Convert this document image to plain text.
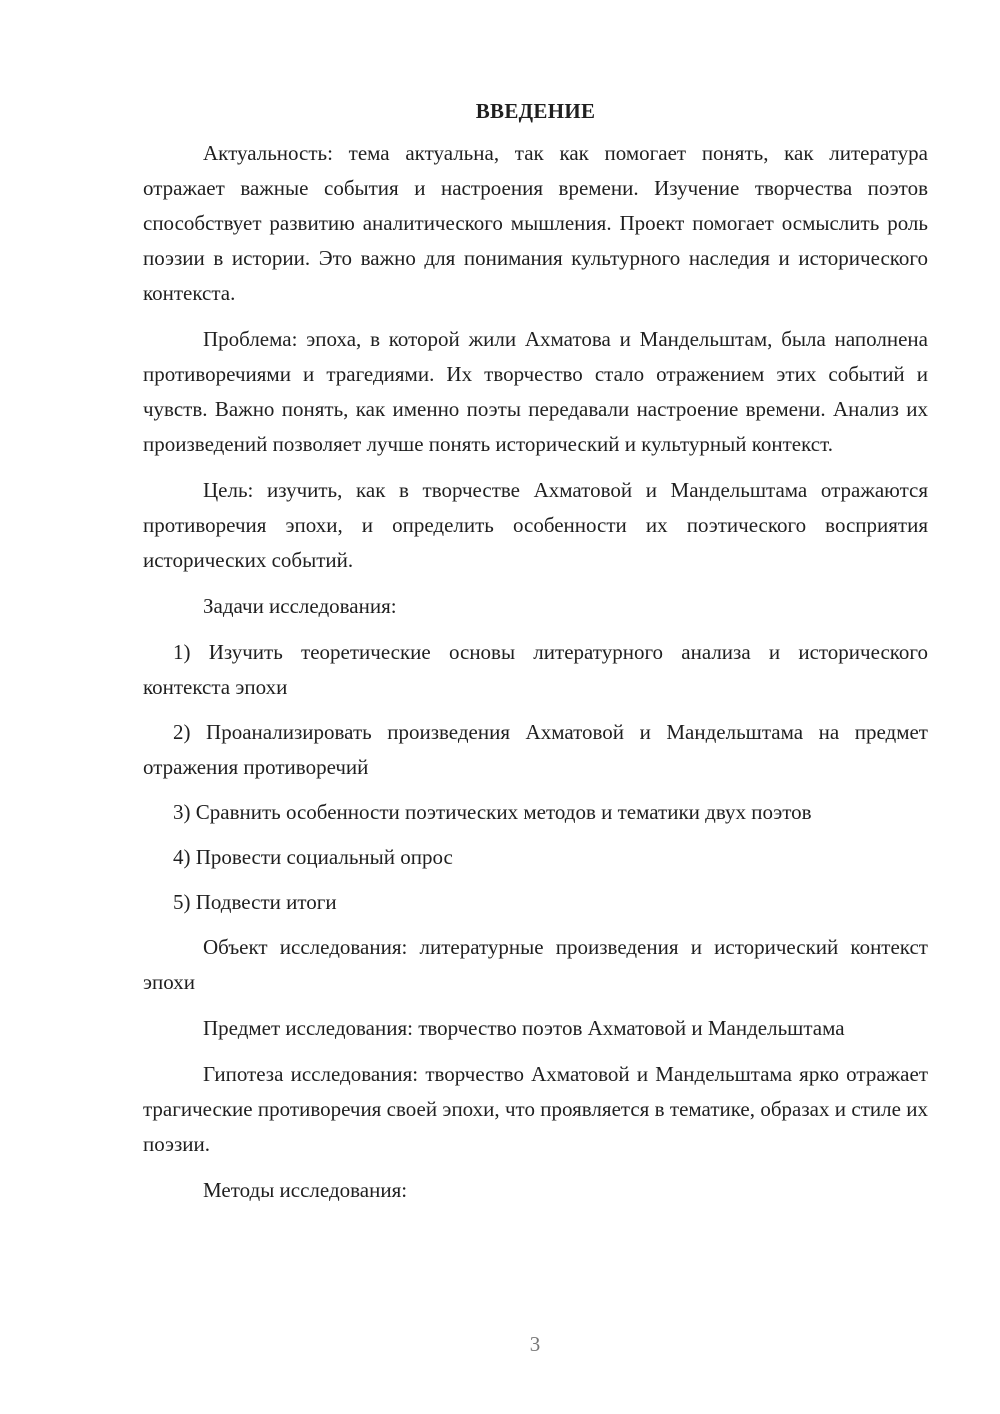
ВВЕДЕНИЕ

Актуальность: тема актуальна, так как помогает понять, как литература отражает важные события и настроения времени. Изучение творчества поэтов способствует развитию аналитического мышления. Проект помогает осмыслить роль поэзии в истории. Это важно для понимания культурного наследия и исторического контекста.

Проблема: эпоха, в которой жили Ахматова и Мандельштам, была наполнена противоречиями и трагедиями. Их творчество стало отражением этих событий и чувств. Важно понять, как именно поэты передавали настроение времени. Анализ их произведений позволяет лучше понять исторический и культурный контекст.

Цель: изучить, как в творчестве Ахматовой и Мандельштама отражаются противоречия эпохи, и определить особенности их поэтического восприятия исторических событий.

Задачи исследования:

1) Изучить теоретические основы литературного анализа и исторического контекста эпохи

2) Проанализировать произведения Ахматовой и Мандельштама на предмет отражения противоречий

3) Сравнить особенности поэтических методов и тематики двух поэтов

4) Провести социальный опрос

5) Подвести итоги

Объект исследования: литературные произведения и исторический контекст эпохи

Предмет исследования: творчество поэтов Ахматовой и Мандельштама

Гипотеза исследования: творчество Ахматовой и Мандельштама ярко отражает трагические противоречия своей эпохи, что проявляется в тематике, образах и стиле их поэзии.

Методы исследования:

3
